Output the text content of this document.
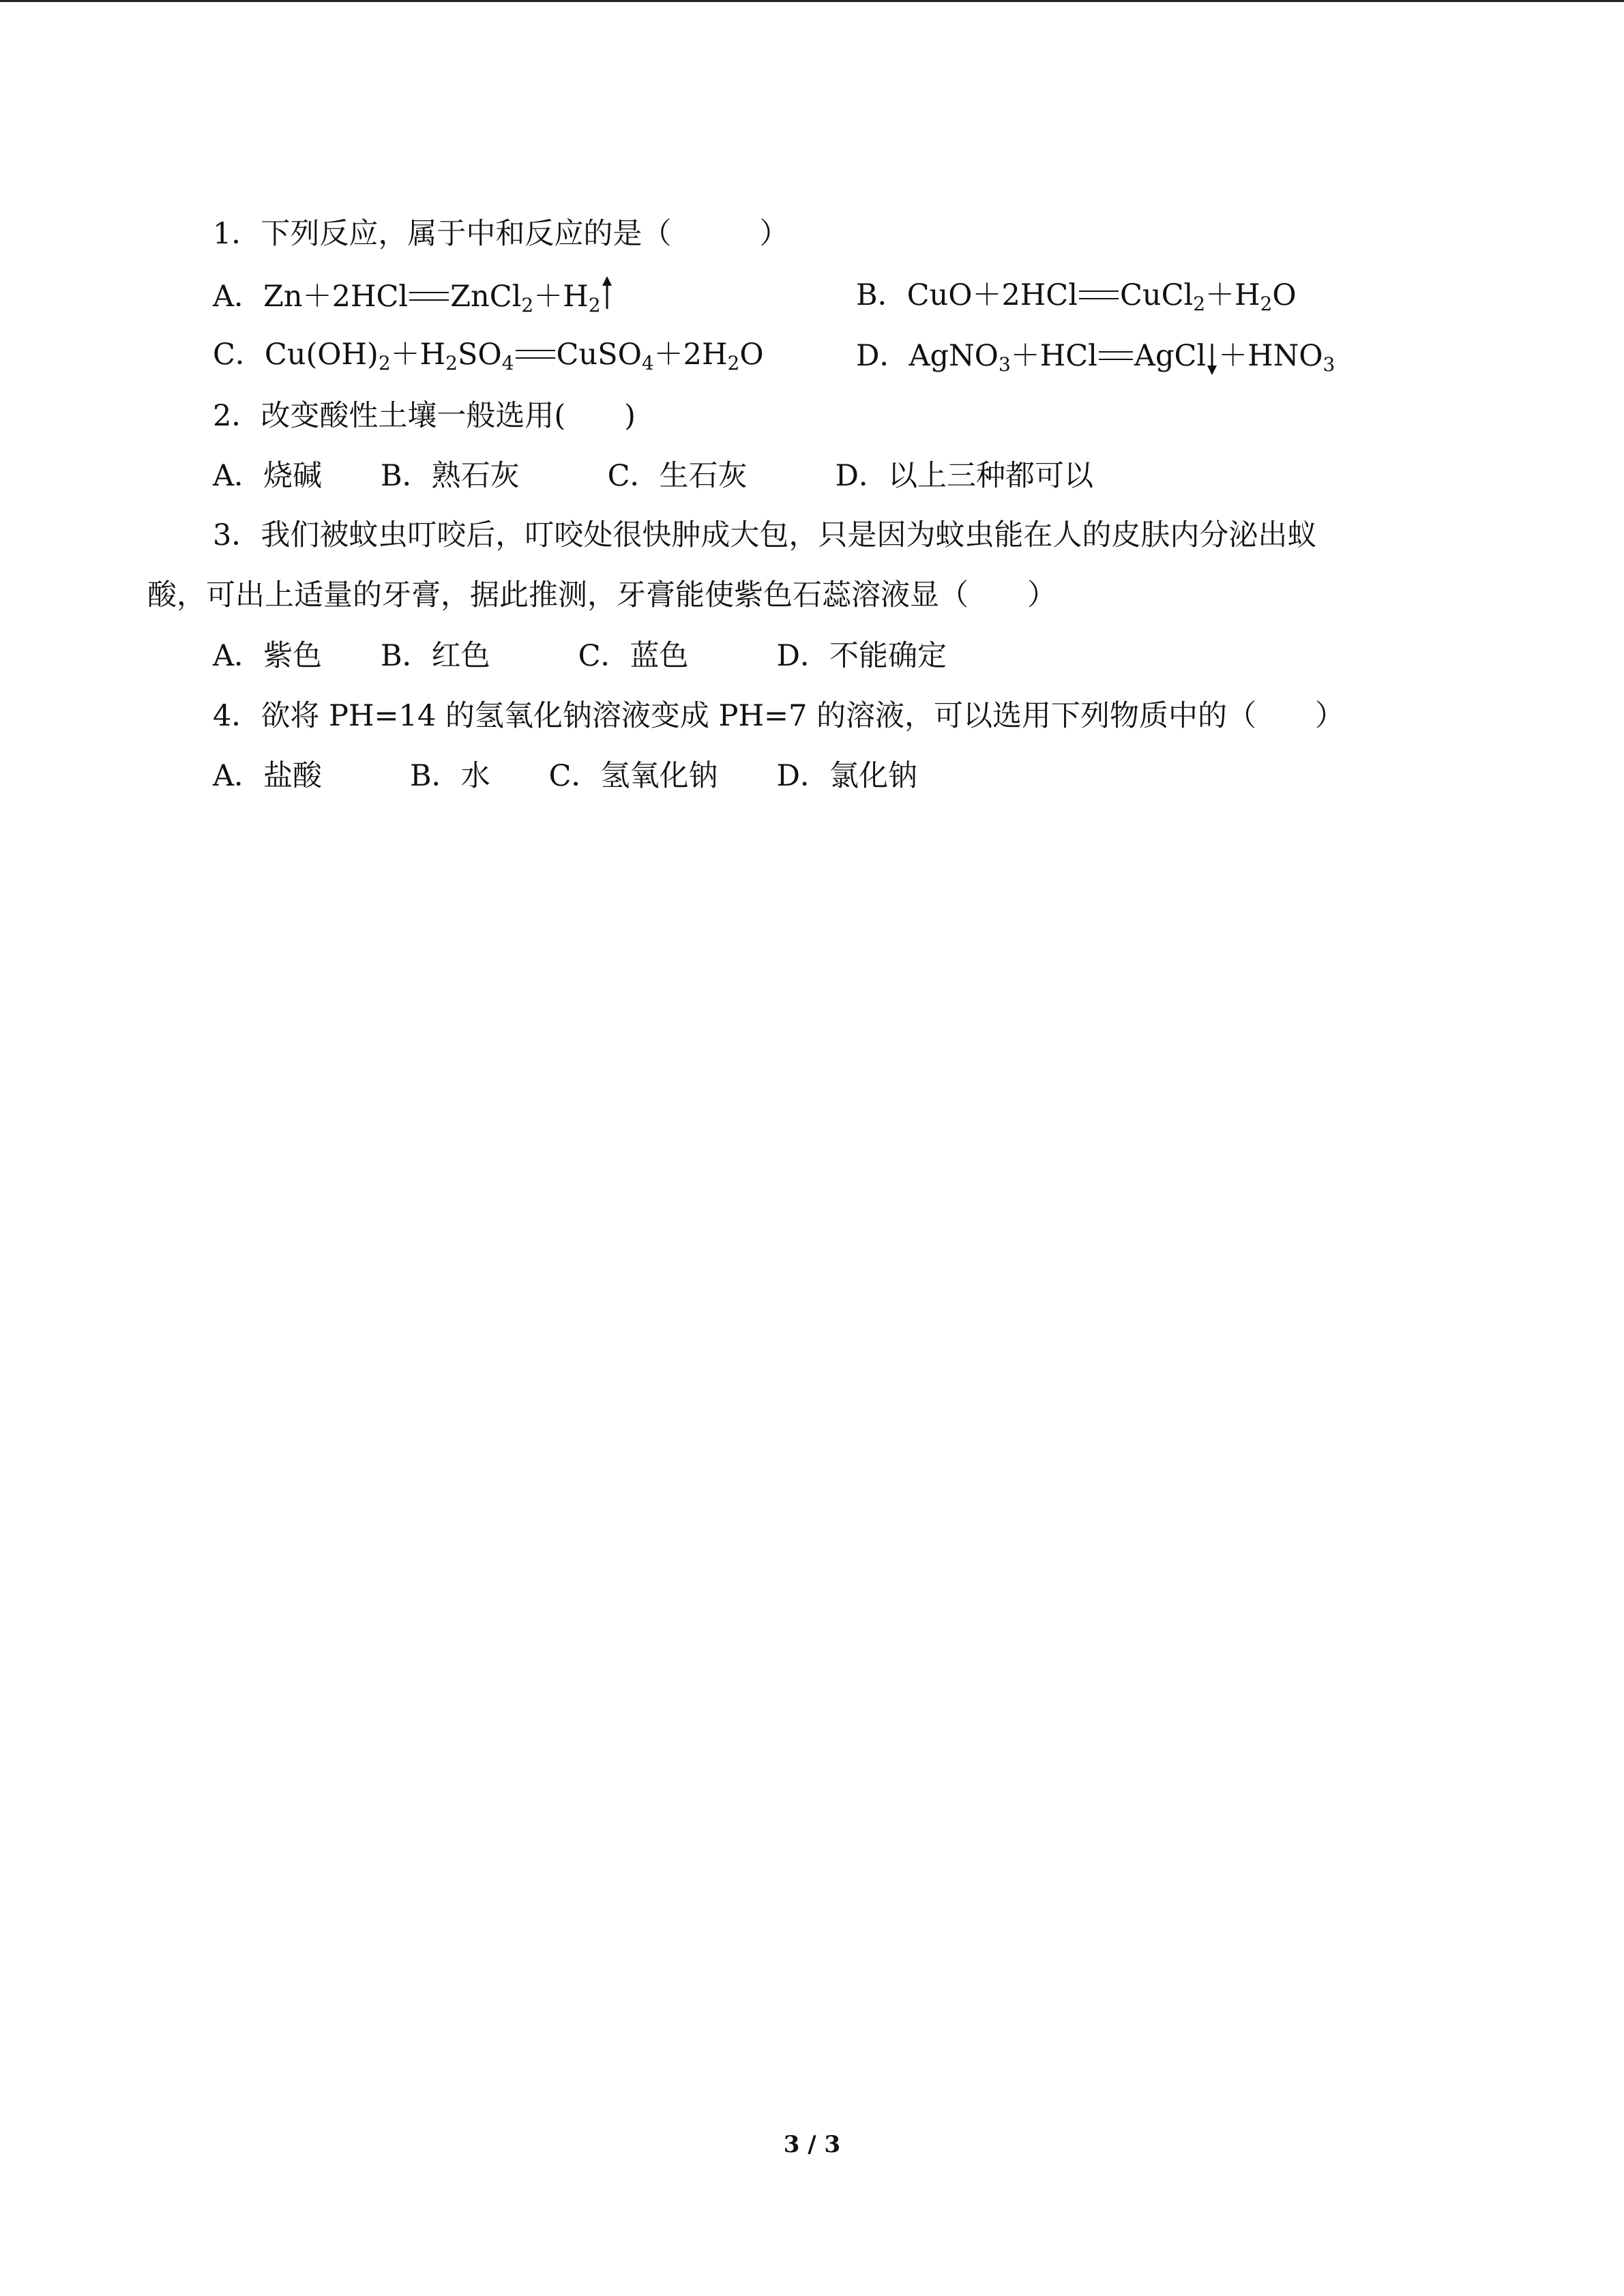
1．下列反应，属于中和反应的是（　　　）
A．Zn＋2HCl $ZnCl_2+H_2$	B．CuO＋2HCl $CuCl_2+H_2O$
C．$Cu(OH)_2+H_2SO_4$ $CuSO_4+2H_2O$	D．AgNO$_3$＋HCl AgCl $+HNO_3$
2．改变酸性土壤一般选用(　　)
A．烧碱　　B．熟石灰　　　C．生石灰　　　D．以上三种都可以
3．我们被蚊虫叮咬后，叮咬处很快肿成大包，只是因为蚊虫能在人的皮肤内分泌出蚁
酸，可出上适量的牙膏，据此推测，牙膏能使紫色石蕊溶液显（　　）
A．紫色　　B．红色　　　C．蓝色　　　D．不能确定
4．欲将 PH=14 的氢氧化钠溶液变成 PH=7 的溶液，可以选用下列物质中的（　　）
A．盐酸　　　B．水　　C．氢氧化钠　　D．氯化钠
3 / 3
